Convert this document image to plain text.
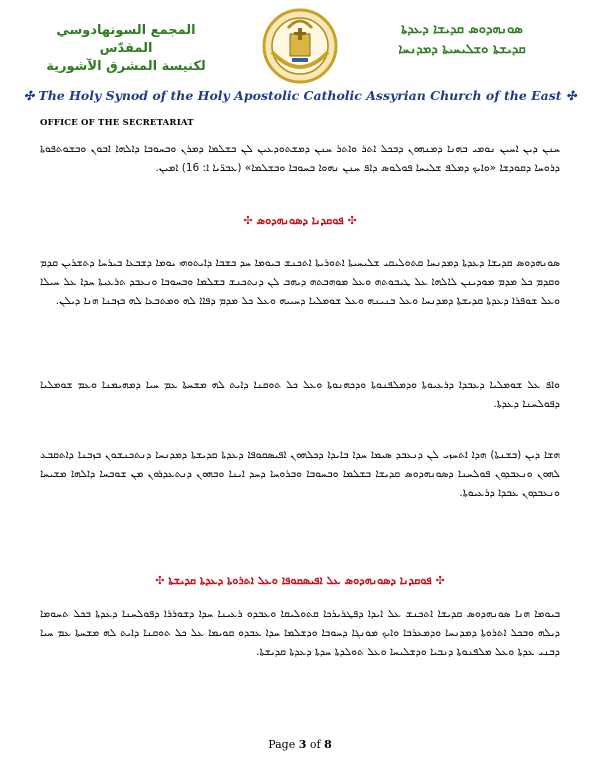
المجمع السونهادوسي المقدّس
لكنيسة المشرق الآشورية
ܣܘܢܗܕܘܣ ܩܕܝܫܐ ܕܥܕܬܐ
ܩܕܝܫܬܐ ܘܫܠܝܚܝܬܐ ܕܡܕܢܚܐ
✣ The Holy Synod of the Holy Apostolic Catholic Assyrian Church of the East ✣
OFFICE OF THE SECRETARIAT
ܚܢܢ ܕܝܢ ܐܚܝܢ ܢܘܡܝ ܒܗܢܐ ܕܡܢܗܘܢ ܕܒܟܠ ܐܬܪ ܘܐܬܪ ܚܢܢ ܕܡܫܬܘܕܥܝܢ ܠܢ ܒܫܠܡܐ ܕܡܪܢ ܘܒܚܘܒܐ ܕܐܠܗܐ ܐܒܘܢ ܘܒܫܘܬܦܘܬܐ ܕܪܘܚܐ ܕܩܘܕܫܐ «ܘܐܝܟ ܕܡܠܦ ܫܠܝܚܐ ܦܘܠܘܣ ܕܐܦ ܚܢܢ ܢܗܘܐ ܒܚܘܒܐ ܘܒܫܠܡܐ» (ܥܒܪ̈ܝܐ ܐ: 16) ܐܡܝܢ.
✣ ܦܘܩܕܢܐ ܕܣܘܢܗܕܘܣ ✣
ܣܘܢܗܕܘܣ ܩܕܝܫܐ ܕܥܕܬܐ ܕܡܕܢܚܐ ܩܬܘܠܝܩܝ ܫܠܝܚܝܬܐ ܐܬܘܪܝܬܐ ܐܬܟܢܫ ܒܝܘܡܐ ܚܕ ܒܫܒܐ ܕܐܝܬܘܗܝ ܝܘܡܐ ܕܫܒܥܐ ܒܝܪܚܐ ܕܬܫܪܝܢ ܩܕܡ ܘܩܕܡ ܟܠ ܡܕܡ ܡܘܕܝܢܢ ܠܐܠܗܐ ܥܠ ܛܝܒܘܬܗ ܘܥܠ ܡܘܗܒܬܗ ܕܝܗܒ ܠܢ ܕܢܬܟܢܫ ܒܫܠܡܐ ܘܒܚܘܒܐ ܘܢܥܒܕ ܬܪܥܝܬܐ ܚܕܐ ܥܠ ܚܝܠܐ ܘܥܠ ܫܘܦܪܐ ܕܥܕܬܐ ܩܕܝܫܬܐ ܕܡܕܢܚܐ ܘܥܠ ܒܢܝܢܗ ܘܥܠ ܫܘܡܠܝܐ ܕܚܝܝܗ ܘܥܠ ܟܠ ܡܕܡ ܕܦܐܐ ܠܗ ܘܡܬܒܥܐ ܠܗ ܒܙܒܢܐ ܗܢܐ ܕܝܠܢ.
ܘܐܦ ܥܠ ܫܘܡܠܝܐ ܕܥܒܕܐ ܕܪܥܝܘܬܐ ܘܕܡܠܦܢܘܬܐ ܘܕܟܗܢܘܬܐ ܘܥܠ ܟܠ ܬܘܩܢܐ ܕܐܝܬ ܠܗ ܡܫܚܬܐ ܥܡ ܚܝܐ ܕܡܗܝܡܢܐ ܘܥܡ ܫܘܡܠܝܐ ܕܦܘܠܚܢܐ ܕܥܕܬܐ.
ܗܫܐ ܕܝܢ (ܒܫܢܬܐ) ܗܕܐ ܐܬܚܙܝ ܠܢ ܕܢܥܒܕ ܣܝܡܐ ܚܕܐ ܒܐܝܕܐ ܕܟܠܗܘܢ ܐܦܝܣܩܘܦܐ ܕܥܕܬܐ ܩܕܝܫܬܐ ܕܡܕܢܚܐ ܕܢܬܟܢܫܘܢ ܒܙܒܢܐ ܕܐܬܩܒܥ ܠܗܘܢ ܘܢܥܒܕܘܢ ܦܘܠܚܢܐ ܕܣܘܢܗܕܘܣ ܩܕܝܫܐ ܒܫܠܡܐ ܘܒܚܘܒܐ ܘܒܪܘܚܐ ܕܚܕ ܐܝܢܐ ܘܒܗܘܢ ܕܢܬܥܕܪܘܢ ܡܢ ܫܘܒܚܐ ܕܐܠܗܐ ܡܫܝܚܐ ܘܢܥܒܕܘܢ ܥܒܕܐ ܕܪܥܝܘܬܐ.
✣ ܦܘܩܕܢܐ ܕܣܘܢܗܕܘܣ ܥܠ ܐܦܝܣܩܘܦܐ ܘܥܠ ܐܬܪܘܬܐ ܕܥܕܬܐ ܩܕܝܫܬܐ ✣
ܒܝܘܡܐ ܗܢܐ ܣܘܢܗܕܘܣ ܩܕܝܫܐ ܐܬܟܢܫ ܥܠ ܐܝܕܐ ܕܦܛܪܝܪܟܐ ܩܬܘܠܝܩܐ ܘܥܒܕܘ ܪܥܝܢܐ ܚܕܐ ܕܫܘܪܪܐ ܕܦܘܠܚܢܐ ܕܥܕܬܐ ܒܟܠ ܬܚܘܡܐ ܕܝܠܗ ܘܒܟܠ ܐܬܪܘܬܐ ܕܡܕܢܚܐ ܘܕܡܥܪܒܐ ܘܐܝܟ ܡܘܢܓܐ ܕܚܘܒܐ ܘܕܫܠܡܐ ܚܕܐ ܥܒܕܘ ܩܘܝܡܐ ܥܠ ܟܠ ܬܘܩܢܐ ܕܐܝܬ ܠܗ ܡܫܚܬܐ ܥܡ ܚܝܐ ܕܒܢܝ ܥܕܬܐ ܘܥܠ ܡܠܦܢܘܬܐ ܕܢܒܝܐ ܘܕܫܠܝܚܐ ܘܥܠ ܬܘܠܕܬܐ ܚܕܬܐ ܕܥܕܬܐ ܩܕܝܫܬܐ.
Page 3 of 8
